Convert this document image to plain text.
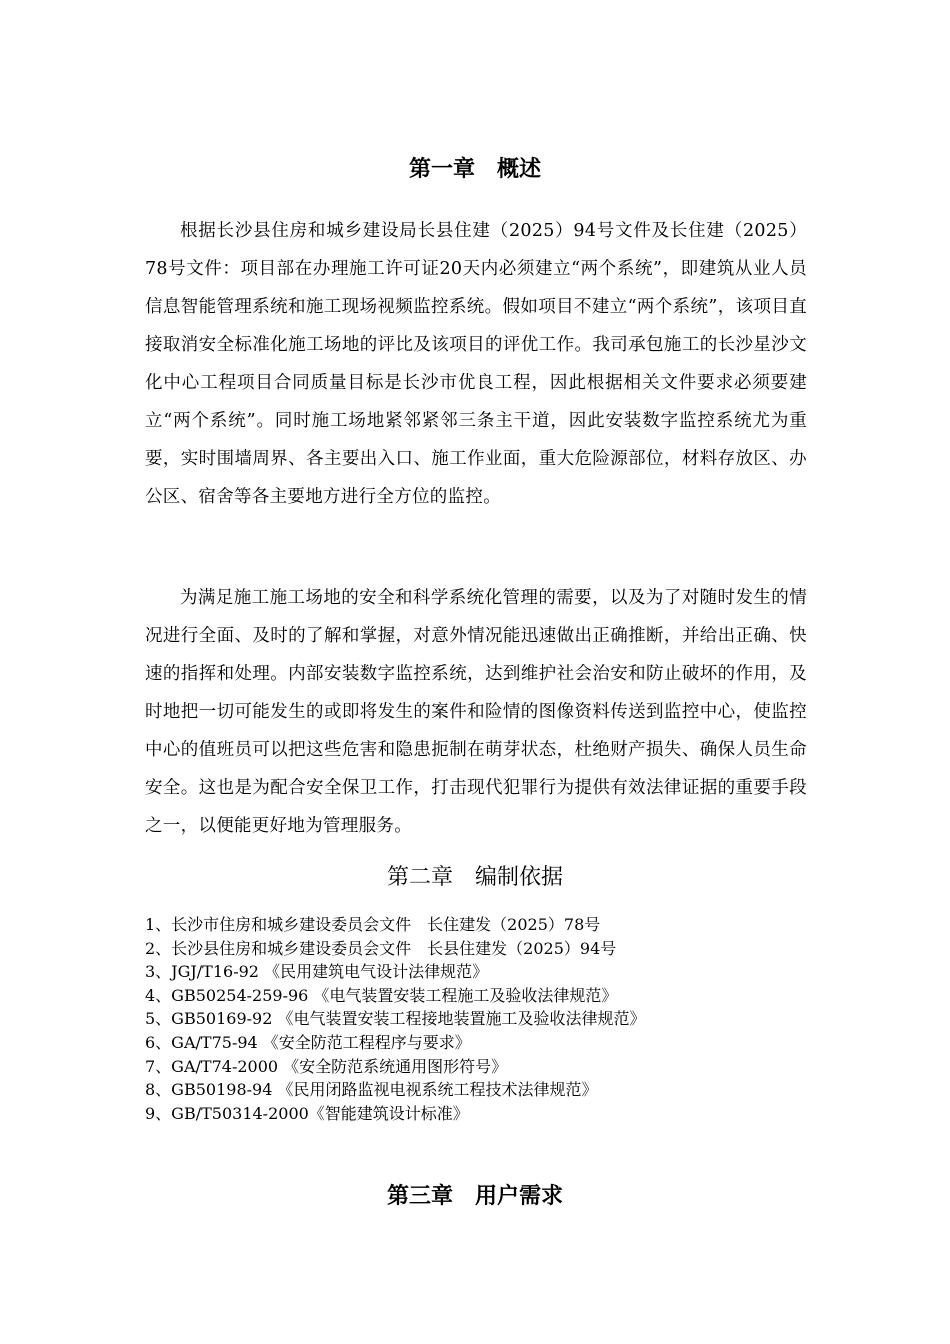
第一章　概述

根据长沙县住房和城乡建设局长县住建（2025）94号文件及长住建（2025）78号文件：项目部在办理施工许可证20天内必须建立“两个系统”，即建筑从业人员信息智能管理系统和施工现场视频监控系统。假如项目不建立“两个系统”，该项目直接取消安全标准化施工场地的评比及该项目的评优工作。我司承包施工的长沙星沙文化中心工程项目合同质量目标是长沙市优良工程，因此根据相关文件要求必须要建立“两个系统”。同时施工场地紧邻紧邻三条主干道，因此安装数字监控系统尤为重要，实时围墙周界、各主要出入口、施工作业面，重大危险源部位，材料存放区、办公区、宿舍等各主要地方进行全方位的监控。

为满足施工施工场地的安全和科学系统化管理的需要，以及为了对随时发生的情况进行全面、及时的了解和掌握，对意外情况能迅速做出正确推断，并给出正确、快速的指挥和处理。内部安装数字监控系统，达到维护社会治安和防止破坏的作用，及时地把一切可能发生的或即将发生的案件和险情的图像资料传送到监控中心，使监控中心的值班员可以把这些危害和隐患扼制在萌芽状态，杜绝财产损失、确保人员生命安全。这也是为配合安全保卫工作，打击现代犯罪行为提供有效法律证据的重要手段之一，以便能更好地为管理服务。

第二章　编制依据
1、长沙市住房和城乡建设委员会文件　长住建发（2025）78号
2、长沙县住房和城乡建设委员会文件　长县住建发（2025）94号
3、JGJ/T16-92 《民用建筑电气设计法律规范》
4、GB50254-259-96 《电气装置安装工程施工及验收法律规范》
5、GB50169-92 《电气装置安装工程接地装置施工及验收法律规范》
6、GA/T75-94 《安全防范工程程序与要求》
7、GA/T74-2000 《安全防范系统通用图形符号》
8、GB50198-94 《民用闭路监视电视系统工程技术法律规范》
9、GB/T50314-2000《智能建筑设计标准》
第三章　用户需求
